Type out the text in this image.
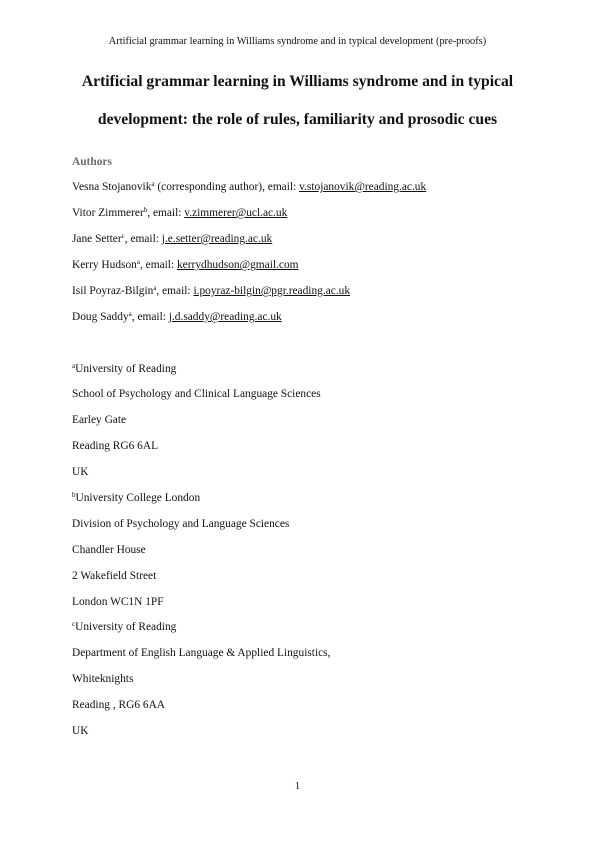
Artificial grammar learning in Williams syndrome and in typical development (pre-proofs)
Artificial grammar learning in Williams syndrome and in typical
development: the role of rules, familiarity and prosodic cues
Authors
Vesna Stojanovik$^a$ (corresponding author), email: v.stojanovik@reading.ac.uk
Vitor Zimmerer$^b$, email: v.zimmerer@ucl.ac.uk
Jane Setter$^c$, email: j.e.setter@reading.ac.uk
Kerry Hudson$^a$, email: kerrydhudson@gmail.com
Isil Poyraz-Bilgin$^a$, email: i.poyraz-bilgin@pgr.reading.ac.uk
Doug Saddy$^a$, email: j.d.saddy@reading.ac.uk
$^a$University of Reading
School of Psychology and Clinical Language Sciences
Earley Gate
Reading RG6 6AL
UK
$^b$University College London
Division of Psychology and Language Sciences
Chandler House
2 Wakefield Street
London WC1N 1PF
$^c$University of Reading
Department of English Language & Applied Linguistics,
Whiteknights
Reading , RG6 6AA
UK
1
